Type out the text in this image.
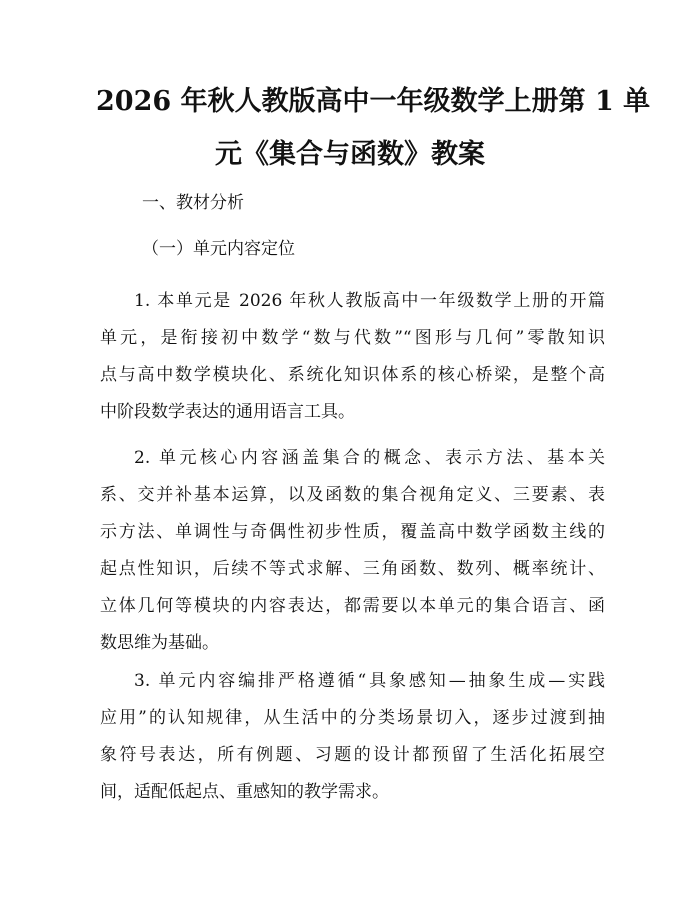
2026 年秋人教版高中一年级数学上册第 1 单
元《集合与函数》教案

一、教材分析

（一）单元内容定位

1. 本单元是 2026 年秋人教版高中一年级数学上册的开篇
单元，是衔接初中数学“数与代数”“图形与几何”零散知识
点与高中数学模块化、系统化知识体系的核心桥梁，是整个高
中阶段数学表达的通用语言工具。
2. 单元核心内容涵盖集合的概念、表示方法、基本关
系、交并补基本运算，以及函数的集合视角定义、三要素、表
示方法、单调性与奇偶性初步性质，覆盖高中数学函数主线的
起点性知识，后续不等式求解、三角函数、数列、概率统计、
立体几何等模块的内容表达，都需要以本单元的集合语言、函
数思维为基础。
3. 单元内容编排严格遵循“具象感知—抽象生成—实践
应用”的认知规律，从生活中的分类场景切入，逐步过渡到抽
象符号表达，所有例题、习题的设计都预留了生活化拓展空
间，适配低起点、重感知的教学需求。
